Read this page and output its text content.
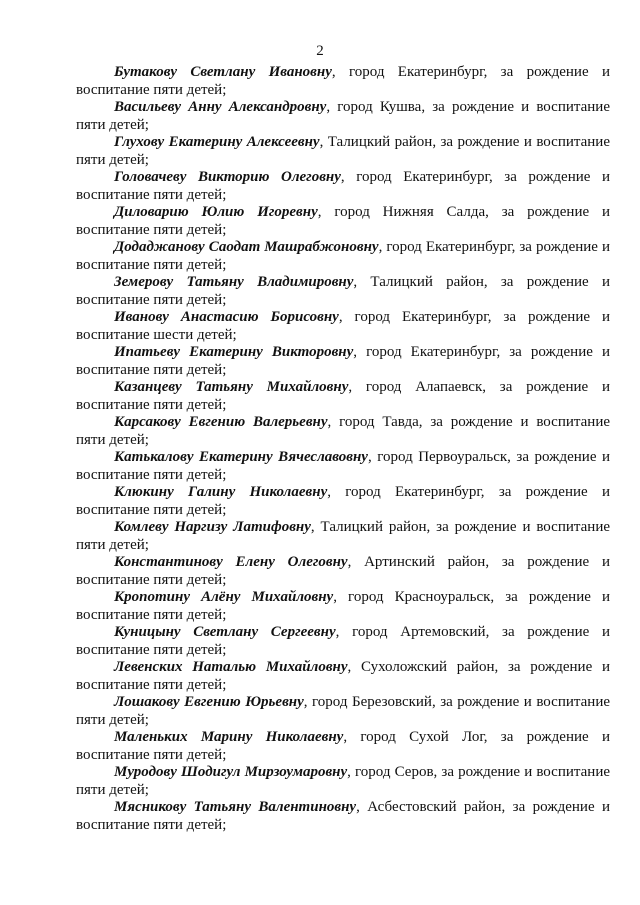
2

Бутакову Светлану Ивановну, город Екатеринбург, за рождение и воспитание пяти детей;

Васильеву Анну Александровну, город Кушва, за рождение и воспитание пяти детей;

Глухову Екатерину Алексеевну, Талицкий район, за рождение и воспитание пяти детей;

Головачеву Викторию Олеговну, город Екатеринбург, за рождение и воспитание пяти детей;

Диловарию Юлию Игоревну, город Нижняя Салда, за рождение и воспитание пяти детей;

Додаджанову Саодат Машрабжоновну, город Екатеринбург, за рождение и воспитание пяти детей;

Земерову Татьяну Владимировну, Талицкий район, за рождение и воспитание пяти детей;

Иванову Анастасию Борисовну, город Екатеринбург, за рождение и воспитание шести детей;

Ипатьеву Екатерину Викторовну, город Екатеринбург, за рождение и воспитание пяти детей;

Казанцеву Татьяну Михайловну, город Алапаевск, за рождение и воспитание пяти детей;

Карсакову Евгению Валерьевну, город Тавда, за рождение и воспитание пяти детей;

Катькалову Екатерину Вячеславовну, город Первоуральск, за рождение и воспитание пяти детей;

Клюкину Галину Николаевну, город Екатеринбург, за рождение и воспитание пяти детей;

Комлеву Наргизу Латифовну, Талицкий район, за рождение и воспитание пяти детей;

Константинову Елену Олеговну, Артинский район, за рождение и воспитание пяти детей;

Кропотину Алёну Михайловну, город Красноуральск, за рождение и воспитание пяти детей;

Куницыну Светлану Сергеевну, город Артемовский, за рождение и воспитание пяти детей;

Левенских Наталью Михайловну, Сухоложский район, за рождение и воспитание пяти детей;

Лошакову Евгению Юрьевну, город Березовский, за рождение и воспитание пяти детей;

Маленьких Марину Николаевну, город Сухой Лог, за рождение и воспитание пяти детей;

Муродову Шодигул Мирзоумаровну, город Серов, за рождение и воспитание пяти детей;

Мясникову Татьяну Валентиновну, Асбестовский район, за рождение и воспитание пяти детей;
